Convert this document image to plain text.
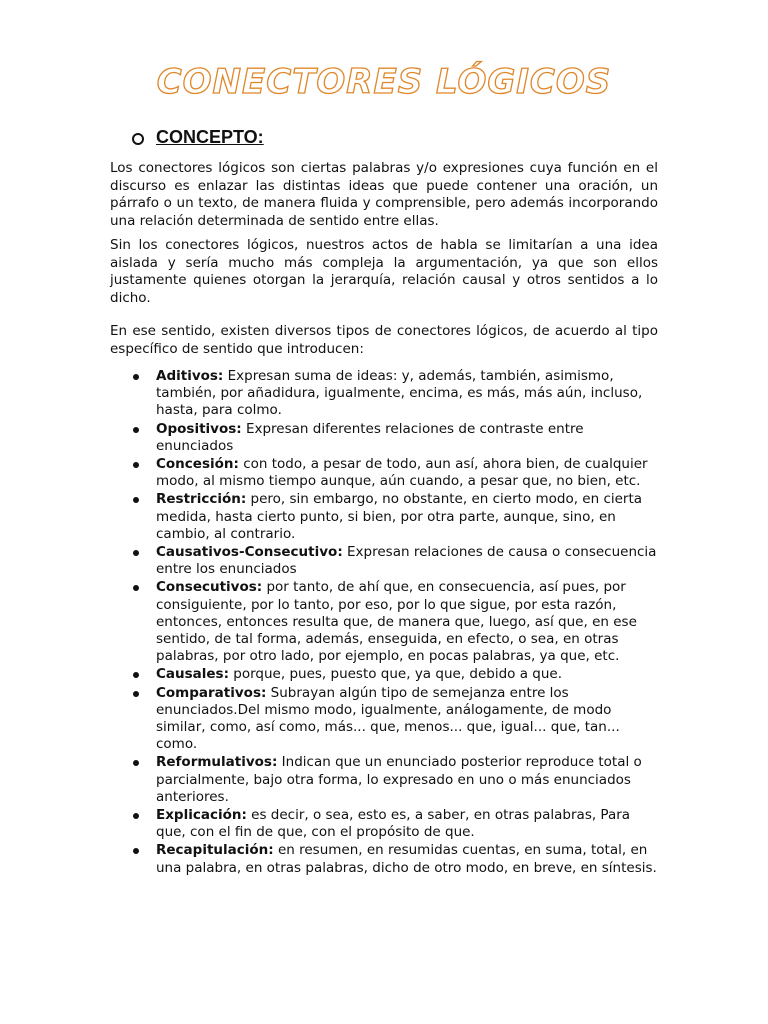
CONECTORES LÓGICOS
CONCEPTO:

Los conectores lógicos son ciertas palabras y/o expresiones cuya función en el discurso es enlazar las distintas ideas que puede contener una oración, un párrafo o un texto, de manera fluida y comprensible, pero además incorporando una relación determinada de sentido entre ellas.

Sin los conectores lógicos, nuestros actos de habla se limitarían a una idea aislada y sería mucho más compleja la argumentación, ya que son ellos justamente quienes otorgan la jerarquía, relación causal y otros sentidos a lo dicho.

En ese sentido, existen diversos tipos de conectores lógicos, de acuerdo al tipo específico de sentido que introducen:

Aditivos: Expresan suma de ideas: y, además, también, asimismo, también, por añadidura, igualmente, encima, es más, más aún, incluso, hasta, para colmo.
Opositivos: Expresan diferentes relaciones de contraste entre enunciados
Concesión: con todo, a pesar de todo, aun así, ahora bien, de cualquier modo, al mismo tiempo aunque, aún cuando, a pesar que, no bien, etc.
Restricción: pero, sin embargo, no obstante, en cierto modo, en cierta medida, hasta cierto punto, si bien, por otra parte, aunque, sino, en cambio, al contrario.
Causativos-Consecutivo: Expresan relaciones de causa o consecuencia entre los enunciados
Consecutivos: por tanto, de ahí que, en consecuencia, así pues, por consiguiente, por lo tanto, por eso, por lo que sigue, por esta razón, entonces, entonces resulta que, de manera que, luego, así que, en ese sentido, de tal forma, además, enseguida, en efecto, o sea, en otras palabras, por otro lado, por ejemplo, en pocas palabras, ya que, etc.
Causales: porque, pues, puesto que, ya que, debido a que.
Comparativos: Subrayan algún tipo de semejanza entre los enunciados.Del mismo modo, igualmente, análogamente, de modo similar, como, así como, más... que, menos... que, igual... que, tan... como.
Reformulativos: Indican que un enunciado posterior reproduce total o parcialmente, bajo otra forma, lo expresado en uno o más enunciados anteriores.
Explicación: es decir, o sea, esto es, a saber, en otras palabras, Para que, con el fin de que, con el propósito de que.
Recapitulación: en resumen, en resumidas cuentas, en suma, total, en una palabra, en otras palabras, dicho de otro modo, en breve, en síntesis.
